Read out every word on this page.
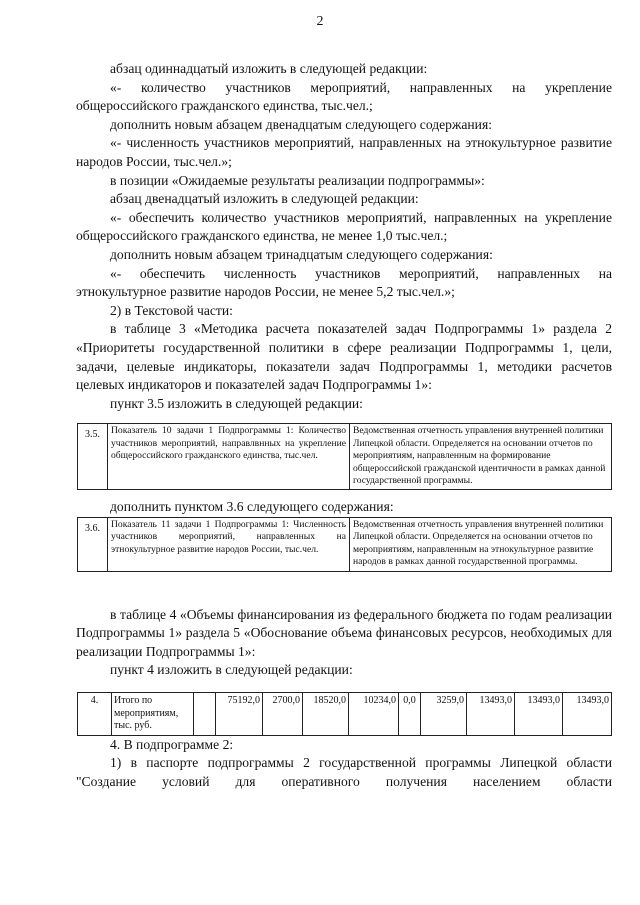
2

абзац одиннадцатый изложить в следующей редакции:

«- количество участников мероприятий, направленных на укрепление общероссийского гражданского единства, тыс.чел.;

дополнить новым абзацем двенадцатым следующего содержания:

«- численность участников мероприятий, направленных на этнокультурное развитие народов России, тыс.чел.»;

в позиции «Ожидаемые результаты реализации подпрограммы»:

абзац двенадцатый изложить в следующей редакции:

«- обеспечить количество участников мероприятий, направленных на укрепление общероссийского гражданского единства, не менее 1,0 тыс.чел.;

дополнить новым абзацем тринадцатым следующего содержания:

«- обеспечить численность участников мероприятий, направленных на этнокультурное развитие народов России, не менее 5,2 тыс.чел.»;

2) в Текстовой части:

в таблице 3 «Методика расчета показателей задач Подпрограммы 1» раздела 2 «Приоритеты государственной политики в сфере реализации Подпрограммы 1, цели, задачи, целевые индикаторы, показатели задач Подпрограммы 1, методики расчетов целевых индикаторов и показателей задач Подпрограммы 1»:

пункт 3.5 изложить в следующей редакции:

3.5.	Показатель 10 задачи 1 Подпрограммы 1: Количество участников мероприятий, направлвнных на укрепление общероссийского гражданского единства, тыс.чел.	Ведомственная отчетность управления внутренней политики Липецкой области. Определяется на основании отчетов по мероприятиям, направленным на формирование общероссийской гражданской идентичности в рамках данной государственной программы.

дополнить пунктом 3.6 следующего содержания:

3.6.	Показатель 11 задачи 1 Подпрограммы 1: Численность участников мероприятий, направленных на этнокультурное развитие народов России, тыс.чел.	Ведомственная отчетность управления внутренней политики Липецкой области. Определяется на основании отчетов по мероприятиям, направленным на этнокультурное развитие народов в рамках данной государственной программы.

в таблице 4 «Объемы финансирования из федерального бюджета по годам реализации Подпрограммы 1» раздела 5 «Обоснование объема финансовых ресурсов, необходимых для реализации Подпрограммы 1»:

пункт 4 изложить в следующей редакции:

4.	Итого по мероприятиям, тыс. руб.		75192,0	2700,0	18520,0	10234,0	0,0	3259,0	13493,0	13493,0	13493,0

4. В подпрограмме 2:

1) в паспорте подпрограммы 2 государственной программы Липецкой области "Создание условий для оперативного получения населением области
